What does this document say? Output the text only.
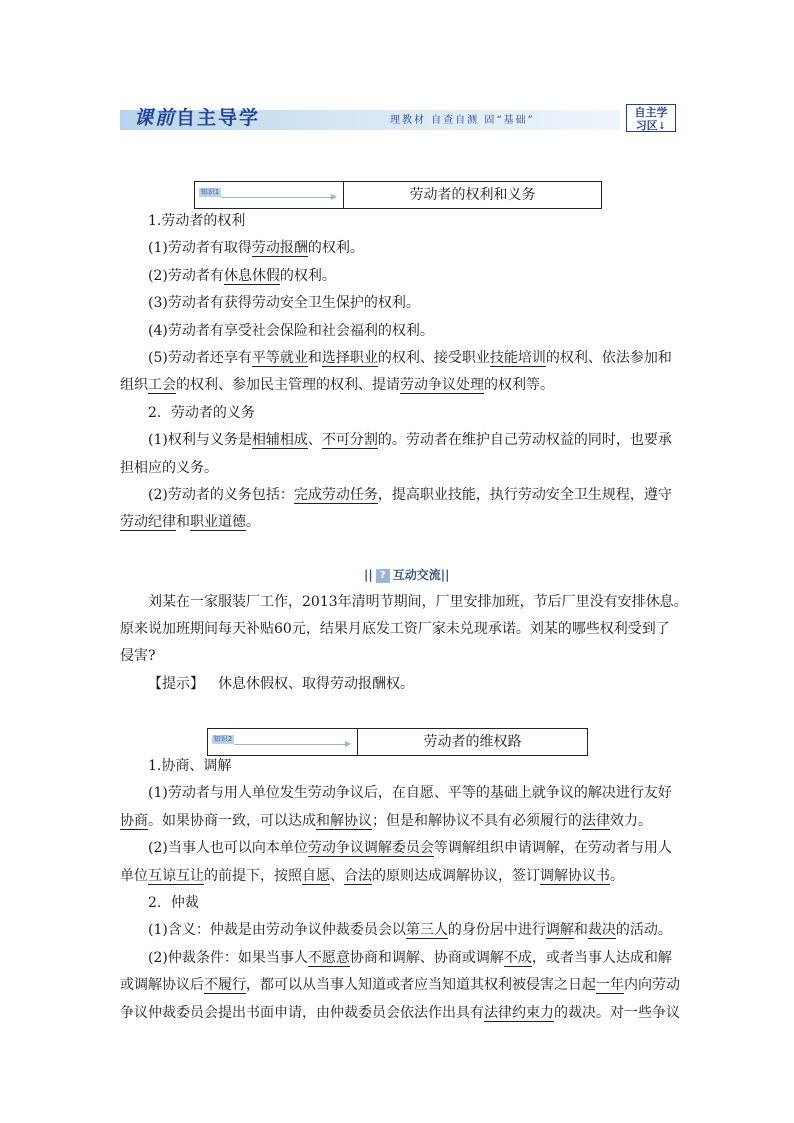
课前自主导学	理教材 自查自测 固“基础”
自主学
习区↓
知识1	▶	劳动者的权利和义务
1.劳动者的权利
(1)劳动者有取得劳动报酬的权利。
(2)劳动者有休息休假的权利。
(3)劳动者有获得劳动安全卫生保护的权利。
(4)劳动者有享受社会保险和社会福利的权利。
(5)劳动者还享有平等就业和选择职业的权利、接受职业技能培训的权利、依法参加和
组织工会的权利、参加民主管理的权利、提请劳动争议处理的权利等。
2．劳动者的义务
(1)权利与义务是相辅相成、不可分割的。劳动者在维护自己劳动权益的同时，也要承
担相应的义务。
(2)劳动者的义务包括：完成劳动任务，提高职业技能，执行劳动安全卫生规程，遵守
劳动纪律和职业道德。
|| ? 互动交流||
刘某在一家服装厂工作，2013年清明节期间，厂里安排加班，节后厂里没有安排休息。
原来说加班期间每天补贴60元，结果月底发工资厂家未兑现承诺。刘某的哪些权利受到了
侵害?
【提示】 休息休假权、取得劳动报酬权。
知识2	▶	劳动者的维权路
1.协商、调解
(1)劳动者与用人单位发生劳动争议后，在自愿、平等的基础上就争议的解决进行友好
协商。如果协商一致，可以达成和解协议；但是和解协议不具有必须履行的法律效力。
(2)当事人也可以向本单位劳动争议调解委员会等调解组织申请调解，在劳动者与用人
单位互谅互让的前提下，按照自愿、合法的原则达成调解协议，签订调解协议书。
2．仲裁
(1)含义：仲裁是由劳动争议仲裁委员会以第三人的身份居中进行调解和裁决的活动。
(2)仲裁条件：如果当事人不愿意协商和调解、协商或调解不成，或者当事人达成和解
或调解协议后不履行，都可以从当事人知道或者应当知道其权利被侵害之日起一年内向劳动
争议仲裁委员会提出书面申请，由仲裁委员会依法作出具有法律约束力的裁决。对一些争议
